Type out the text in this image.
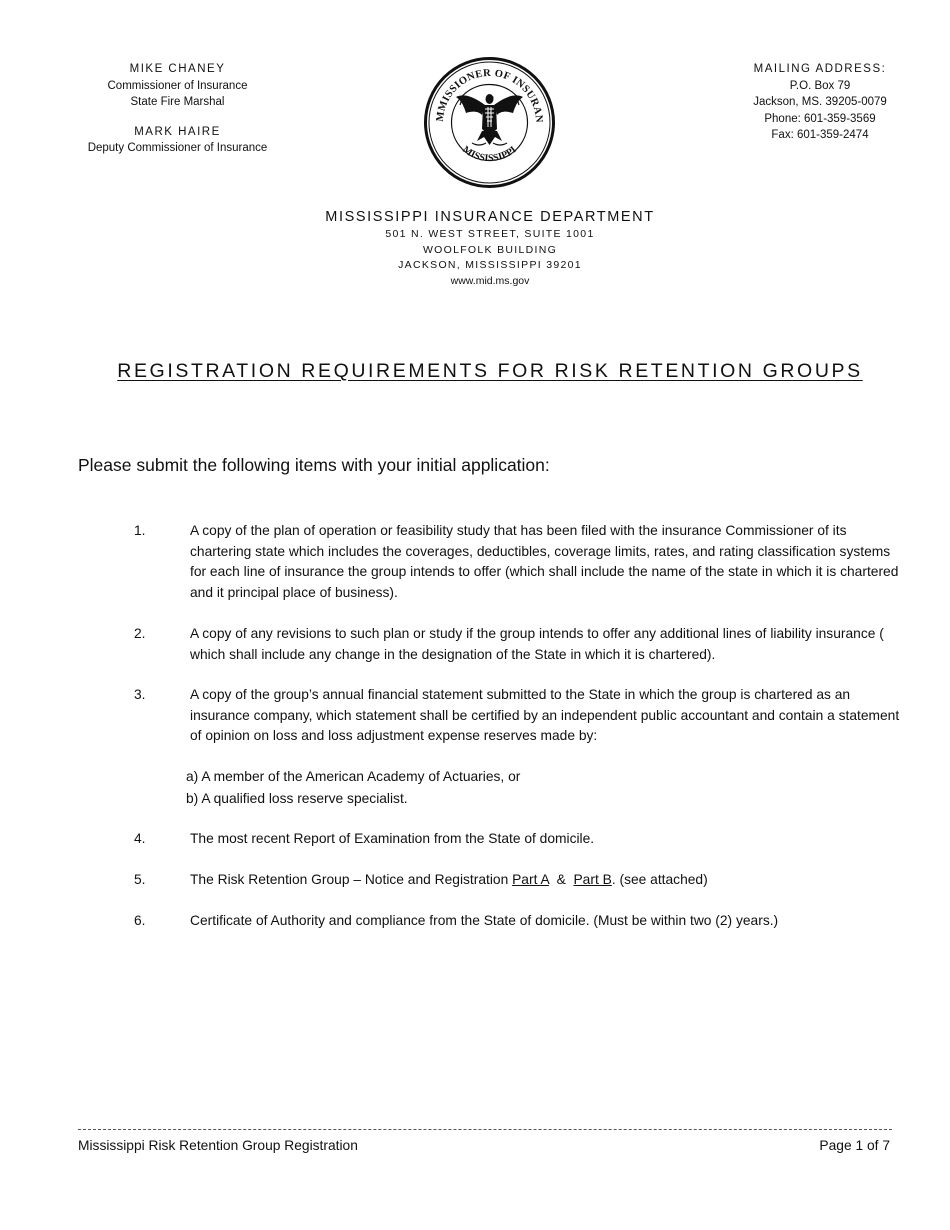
MIKE CHANEY
Commissioner of Insurance
State Fire Marshal
MARK HAIRE
Deputy Commissioner of Insurance
MMISSIONER OF INSURAN
MISSISSIPPI
MAILING ADDRESS:
P.O. Box 79
Jackson, MS. 39205-0079
Phone: 601-359-3569
Fax: 601-359-2474
MISSISSIPPI INSURANCE DEPARTMENT
501 N. WEST STREET, SUITE 1001
WOOLFOLK BUILDING
JACKSON, MISSISSIPPI 39201
www.mid.ms.gov
REGISTRATION REQUIREMENTS FOR RISK RETENTION GROUPS
Please submit the following items with your initial application:
1.	A copy of the plan of operation or feasibility study that has been filed with the insurance Commissioner of its chartering state which includes the coverages, deductibles, coverage limits, rates, and rating classification systems for each line of insurance the group intends to offer (which shall include the name of the state in which it is chartered and it principal place of business).
2.	A copy of any revisions to such plan or study if the group intends to offer any additional lines of liability insurance ( which shall include any change in the designation of the State in which it is chartered).
3.	A copy of the group’s annual financial statement submitted to the State in which the group is chartered as an insurance company, which statement shall be certified by an independent public accountant and contain a statement of opinion on loss and loss adjustment expense reserves made by:
a) A member of the American Academy of Actuaries, or
b) A qualified loss reserve specialist.
4.	The most recent Report of Examination from the State of domicile.
5.	The Risk Retention Group – Notice and Registration Part A  &  Part B. (see attached)
6.	Certificate of Authority and compliance from the State of domicile. (Must be within two (2) years.)
Mississippi Risk Retention Group Registration	Page 1 of 7
